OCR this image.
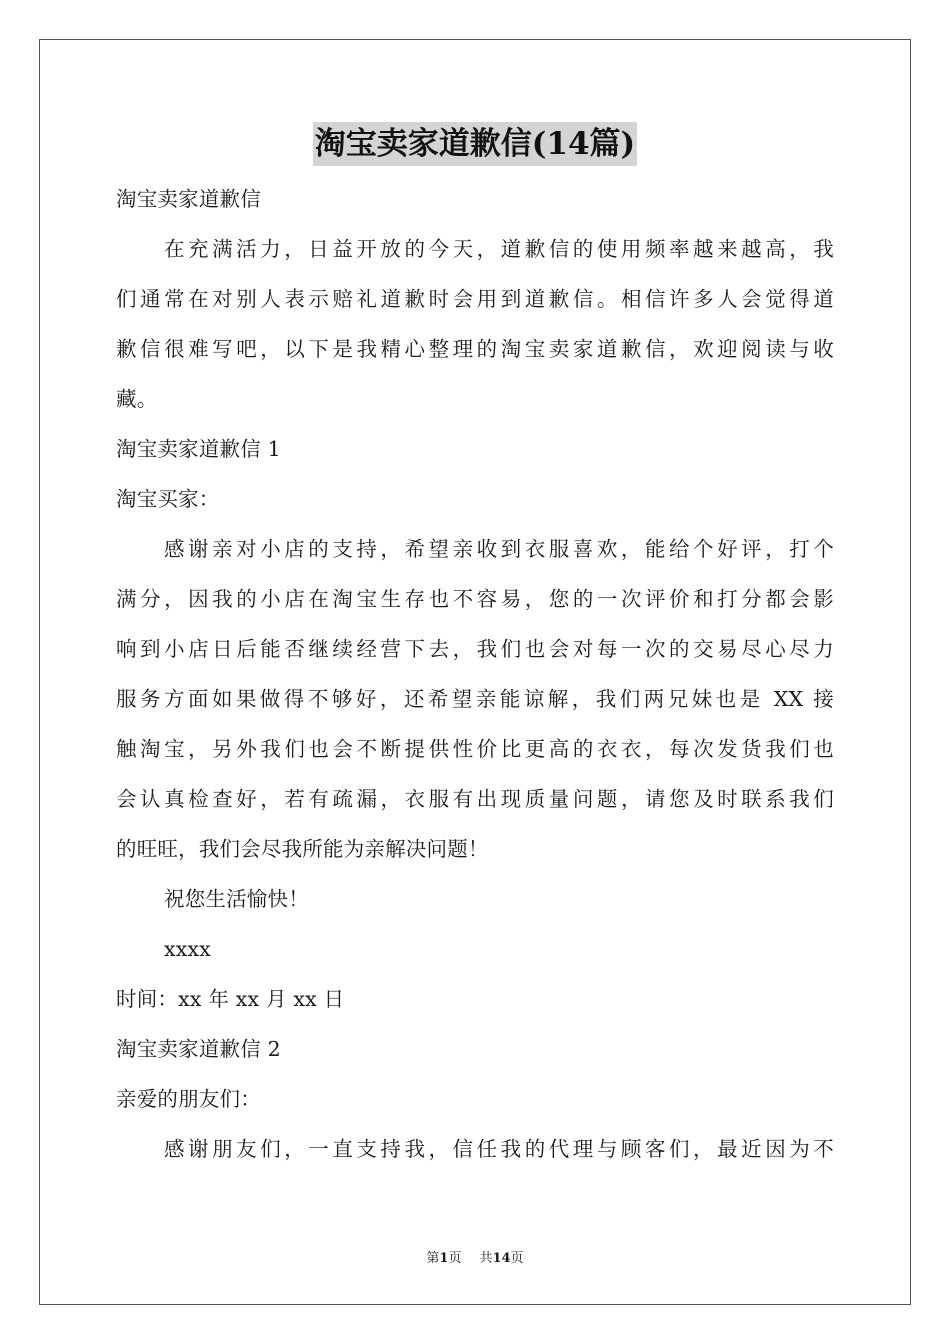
淘宝卖家道歉信(14篇)
淘宝卖家道歉信
在充满活力，日益开放的今天，道歉信的使用频率越来越高，我
们通常在对别人表示赔礼道歉时会用到道歉信。相信许多人会觉得道
歉信很难写吧，以下是我精心整理的淘宝卖家道歉信，欢迎阅读与收
藏。
淘宝卖家道歉信 1
淘宝买家：
感谢亲对小店的支持，希望亲收到衣服喜欢，能给个好评，打个
满分，因我的小店在淘宝生存也不容易，您的一次评价和打分都会影
响到小店日后能否继续经营下去，我们也会对每一次的交易尽心尽力
服务方面如果做得不够好，还希望亲能谅解，我们两兄妹也是 XX 接
触淘宝，另外我们也会不断提供性价比更高的衣衣，每次发货我们也
会认真检查好，若有疏漏，衣服有出现质量问题，请您及时联系我们
的旺旺，我们会尽我所能为亲解决问题！
祝您生活愉快！
xxxx
时间：xx 年 xx 月 xx 日
淘宝卖家道歉信 2
亲爱的朋友们：
感谢朋友们，一直支持我，信任我的代理与顾客们，最近因为不
第1页 共14页
